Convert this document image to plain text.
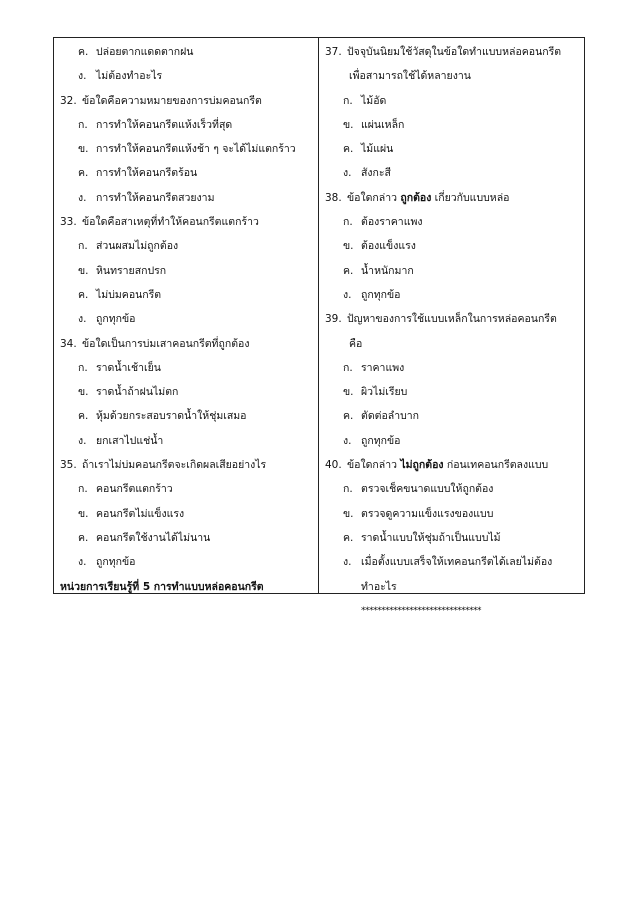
ค. ปล่อยตากแดดตากฝน
ง. ไม่ต้องทำอะไร
32. ข้อใดคือความหมายของการบ่มคอนกรีต
ก. การทำให้คอนกรีตแห้งเร็วที่สุด
ข. การทำให้คอนกรีตแห้งช้า ๆ จะได้ไม่แตกร้าว
ค. การทำให้คอนกรีตร้อน
ง. การทำให้คอนกรีตสวยงาม
33. ข้อใดคือสาเหตุที่ทำให้คอนกรีตแตกร้าว
ก. ส่วนผสมไม่ถูกต้อง
ข. หินทรายสกปรก
ค. ไม่บ่มคอนกรีต
ง. ถูกทุกข้อ
34. ข้อใดเป็นการบ่มเสาคอนกรีตที่ถูกต้อง
ก. ราดน้ำเช้าเย็น
ข. ราดน้ำถ้าฝนไม่ตก
ค. หุ้มด้วยกระสอบราดน้ำให้ชุ่มเสมอ
ง. ยกเสาไปแช่น้ำ
35. ถ้าเราไม่บ่มคอนกรีตจะเกิดผลเสียอย่างไร
ก. คอนกรีตแตกร้าว
ข. คอนกรีตไม่แข็งแรง
ค. คอนกรีตใช้งานได้ไม่นาน
ง. ถูกทุกข้อ
หน่วยการเรียนรู้ที่ 5 การทำแบบหล่อคอนกรีต
37. ปัจจุบันนิยมใช้วัสดุในข้อใดทำแบบหล่อคอนกรีต
เพื่อสามารถใช้ได้หลายงาน
ก. ไม้อัด
ข. แผ่นเหล็ก
ค. ไม้แผ่น
ง. สังกะสี
38. ข้อใดกล่าว ถูกต้อง เกี่ยวกับแบบหล่อ
ก. ต้องราคาแพง
ข. ต้องแข็งแรง
ค. น้ำหนักมาก
ง. ถูกทุกข้อ
39. ปัญหาของการใช้แบบเหล็กในการหล่อคอนกรีต
คือ
ก. ราคาแพง
ข. ผิวไม่เรียบ
ค. ตัดต่อลำบาก
ง. ถูกทุกข้อ
40. ข้อใดกล่าว ไม่ถูกต้อง ก่อนเทคอนกรีตลงแบบ
ก. ตรวจเช็คขนาดแบบให้ถูกต้อง
ข. ตรวจดูความแข็งแรงของแบบ
ค. ราดน้ำแบบให้ชุ่มถ้าเป็นแบบไม้
ง. เมื่อตั้งแบบเสร็จให้เทคอนกรีตได้เลยไม่ต้อง
ทำอะไร
******************************
